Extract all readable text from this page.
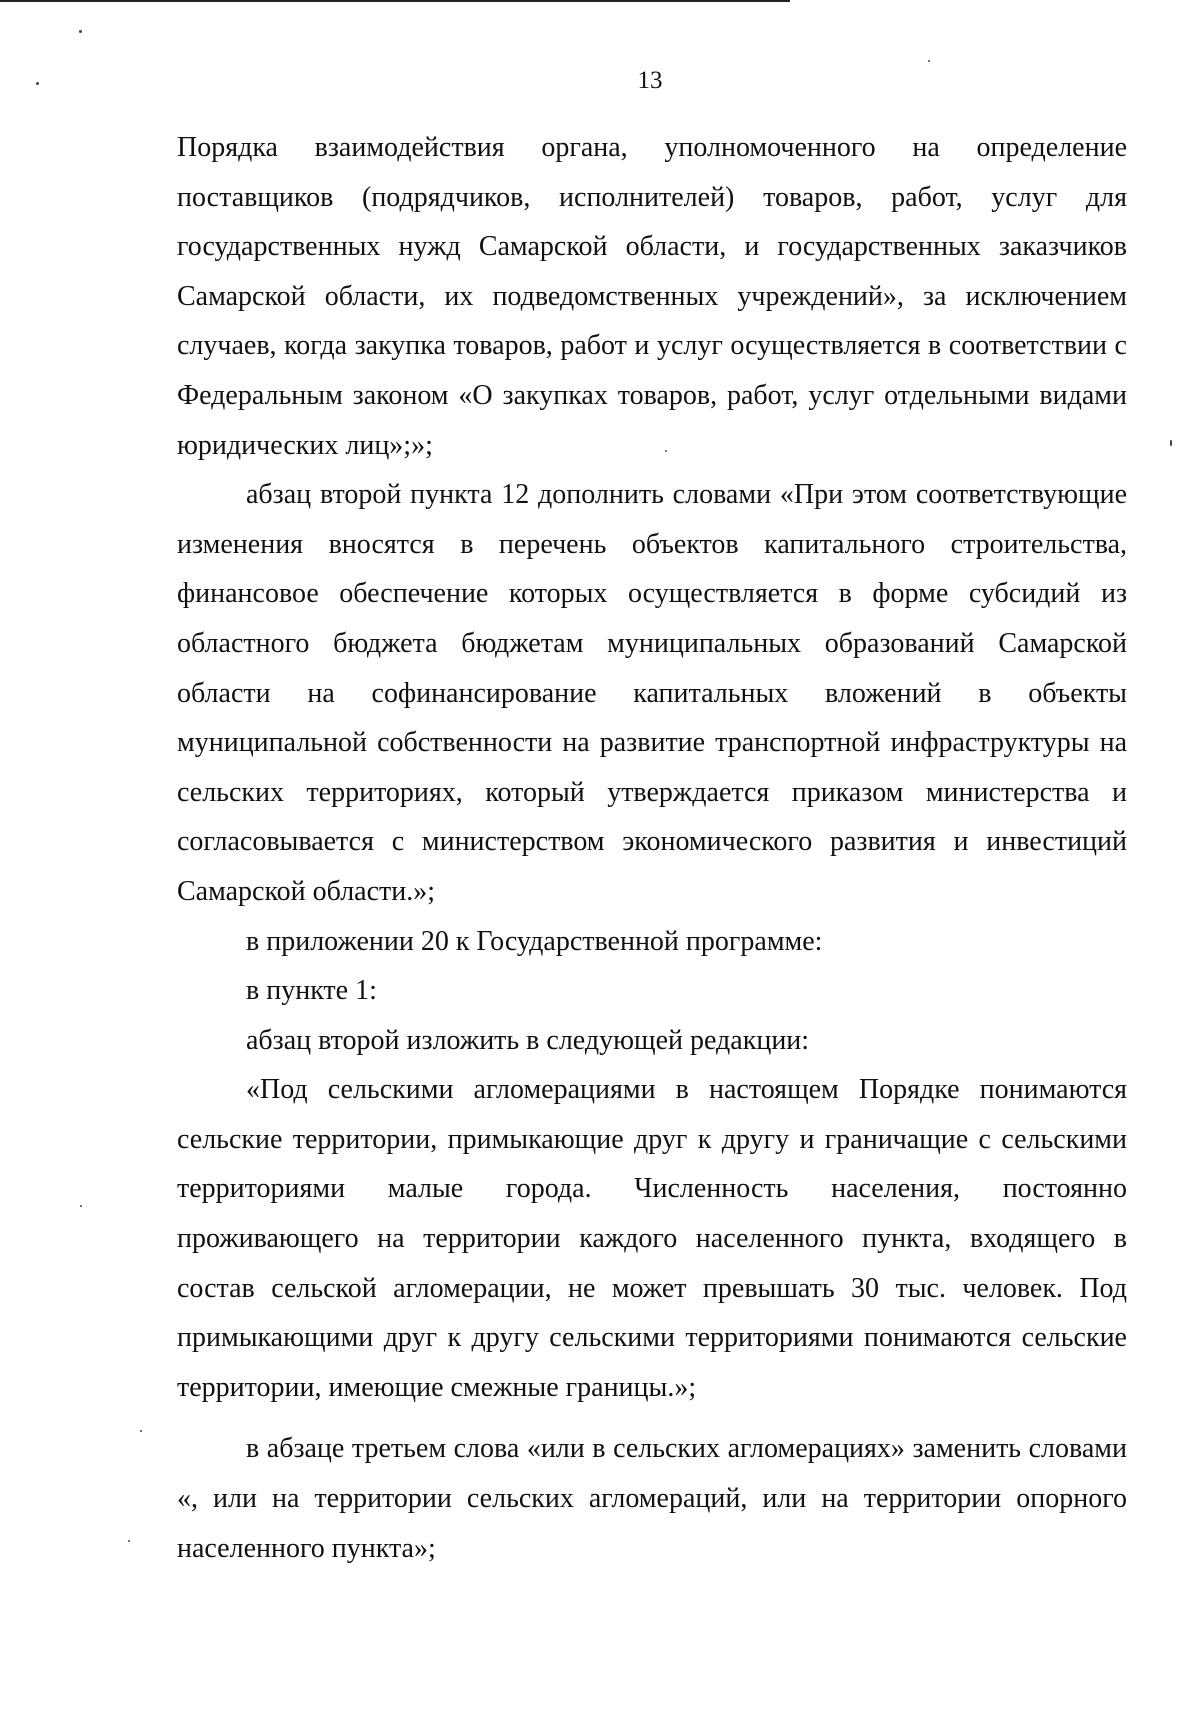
13

Порядка взаимодействия органа, уполномоченного на определение поставщиков (подрядчиков, исполнителей) товаров, работ, услуг для государственных нужд Самарской области, и государственных заказчиков Самарской области, их подведомственных учреждений», за исключением случаев, когда закупка товаров, работ и услуг осуществляется в соответствии с Федеральным законом «О закупках товаров, работ, услуг отдельными видами юридических лиц»;»;

абзац второй пункта 12 дополнить словами «При этом соответствующие изменения вносятся в перечень объектов капитального строительства, финансовое обеспечение которых осуществляется в форме субсидий из областного бюджета бюджетам муниципальных образований Самарской области на софинансирование капитальных вложений в объекты муниципальной собственности на развитие транспортной инфраструктуры на сельских территориях, который утверждается приказом министерства и согласовывается с министерством экономического развития и инвестиций Самарской области.»;

в приложении 20 к Государственной программе:

в пункте 1:

абзац второй изложить в следующей редакции:

«Под сельскими агломерациями в настоящем Порядке понимаются сельские территории, примыкающие друг к другу и граничащие с сельскими территориями малые города. Численность населения, постоянно проживающего на территории каждого населенного пункта, входящего в состав сельской агломерации, не может превышать 30 тыс. человек. Под примыкающими друг к другу сельскими территориями понимаются сельские территории, имеющие смежные границы.»;

в абзаце третьем слова «или в сельских агломерациях» заменить словами «, или на территории сельских агломераций, или на территории опорного населенного пункта»;
